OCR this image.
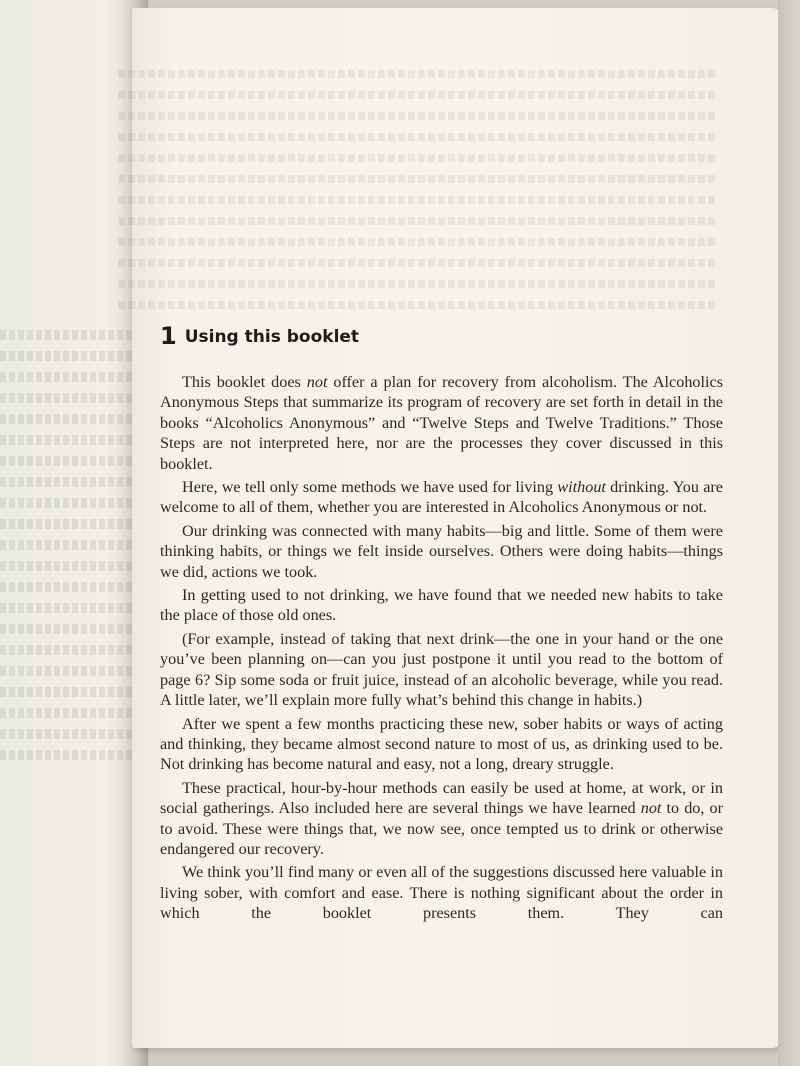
1 Using this booklet

This booklet does not offer a plan for recovery from alcoholism. The Alcoholics Anonymous Steps that summarize its program of recovery are set forth in detail in the books “Alcoholics Anonymous” and “Twelve Steps and Twelve Traditions.” Those Steps are not interpreted here, nor are the processes they cover discussed in this booklet.

Here, we tell only some methods we have used for living without drinking. You are welcome to all of them, whether you are interested in Alcoholics Anonymous or not.

Our drinking was connected with many habits—big and little. Some of them were thinking habits, or things we felt inside ourselves. Others were doing habits—things we did, actions we took.

In getting used to not drinking, we have found that we needed new habits to take the place of those old ones.

(For example, instead of taking that next drink—the one in your hand or the one you’ve been planning on—can you just postpone it until you read to the bottom of page 6? Sip some soda or fruit juice, instead of an alcoholic beverage, while you read. A little later, we’ll explain more fully what’s behind this change in habits.)

After we spent a few months practicing these new, sober habits or ways of acting and thinking, they became almost second nature to most of us, as drinking used to be. Not drinking has become natural and easy, not a long, dreary struggle.

These practical, hour-by-hour methods can easily be used at home, at work, or in social gatherings. Also included here are several things we have learned not to do, or to avoid. These were things that, we now see, once tempted us to drink or otherwise endangered our recovery.

We think you’ll find many or even all of the suggestions discussed here valuable in living sober, with comfort and ease. There is nothing significant about the order in which the booklet presents them. They can
